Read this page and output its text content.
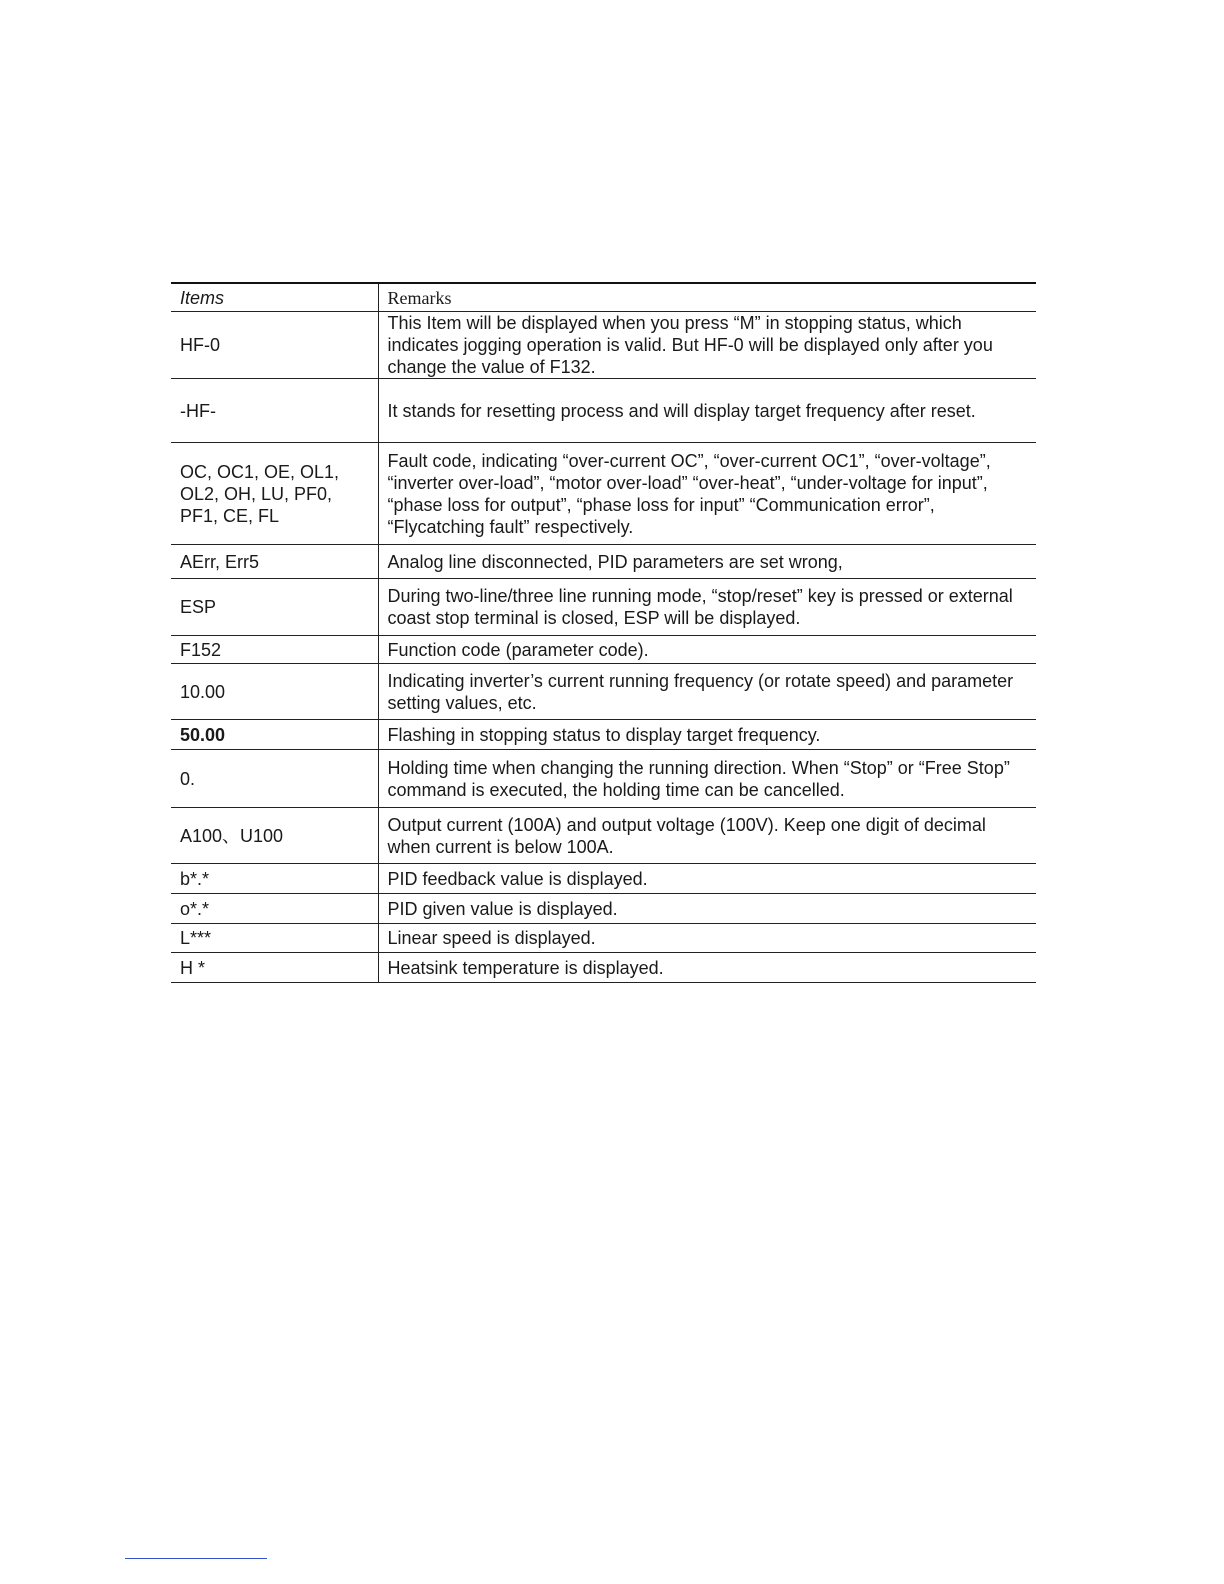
Items	Remarks
HF-0	This Item will be displayed when you press “M” in stopping status, which indicates jogging operation is valid. But HF-0 will be displayed only after you change the value of F132.
-HF-	It stands for resetting process and will display target frequency after reset.
OC, OC1, OE, OL1, OL2, OH, LU, PF0, PF1, CE, FL	Fault code, indicating “over-current OC”, “over-current OC1”, “over-voltage”, “inverter over-load”, “motor over-load” “over-heat”, “under-voltage for input”, “phase loss for output”, “phase loss for input” “Communication error”, “Flycatching fault” respectively.
AErr, Err5	Analog line disconnected, PID parameters are set wrong,
ESP	During two-line/three line running mode, “stop/reset” key is pressed or external coast stop terminal is closed, ESP will be displayed.
F152	Function code (parameter code).
10.00	Indicating inverter’s current running frequency (or rotate speed) and parameter setting values, etc.
50.00	Flashing in stopping status to display target frequency.
0.	Holding time when changing the running direction. When “Stop” or “Free Stop” command is executed, the holding time can be cancelled.
A100、U100	Output current (100A) and output voltage (100V). Keep one digit of decimal when current is below 100A.
b*.*	PID feedback value is displayed.
o*.*	PID given value is displayed.
L***	Linear speed is displayed.
H *	Heatsink temperature is displayed.
